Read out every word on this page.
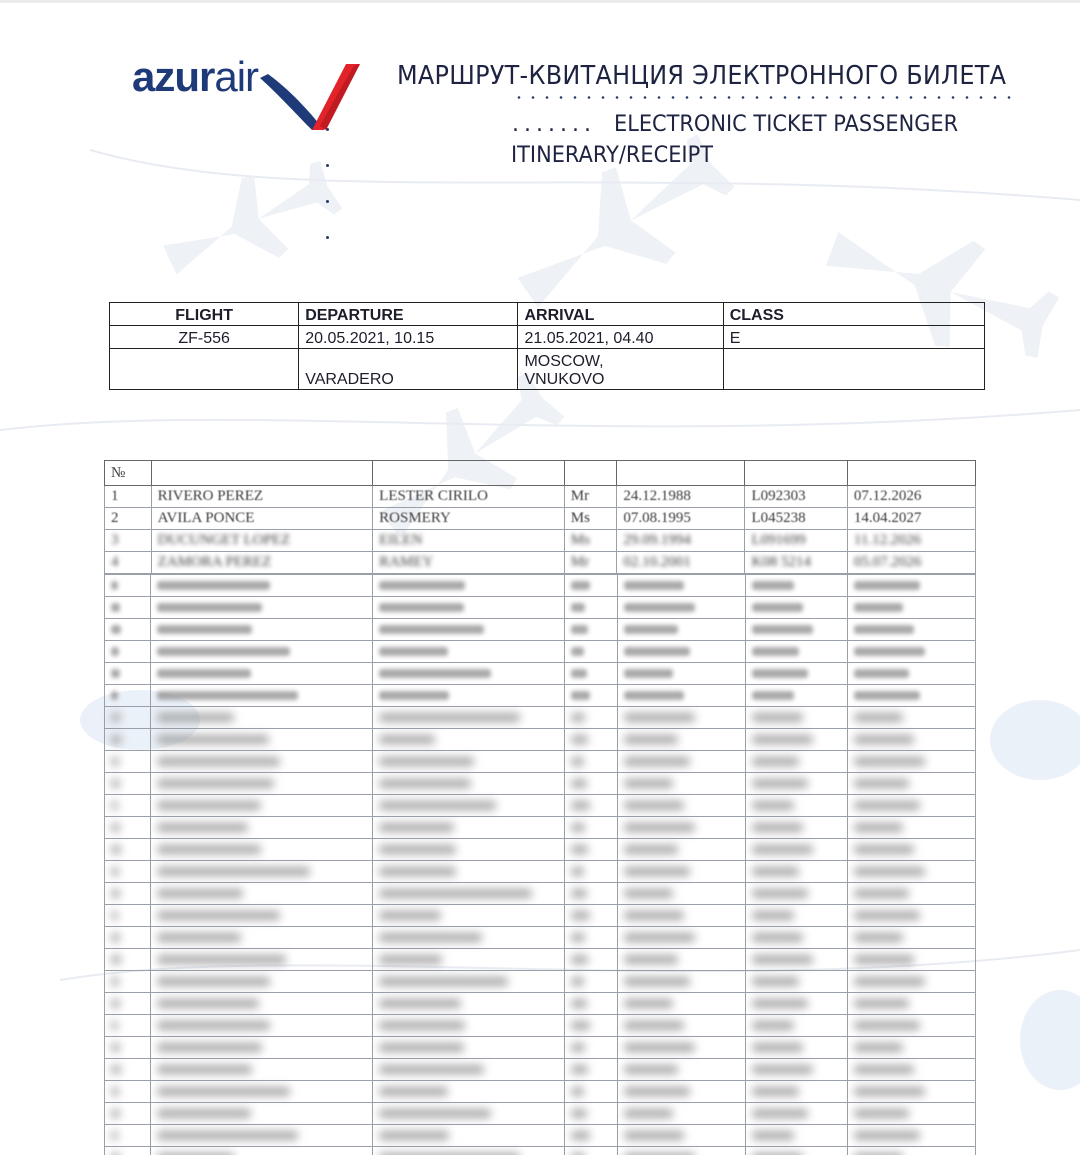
azurair	МАРШРУТ-КВИТАНЦИЯ ЭЛЕКТРОННОГО БИЛЕТА
....... ELECTRONIC TICKET PASSENGER
ITINERARY/RECEIPT
FLIGHT	DEPARTURE	ARRIVAL	CLASS
ZF-556	20.05.2021, 10.15	21.05.2021, 04.40	E
	VARADERO	MOSCOW,
VNUKOVO	
№						
1	RIVERO PEREZ	LESTER CIRILO	Mr	24.12.1988	L092303	07.12.2026
2	AVILA PONCE	ROSMERY	Ms	07.08.1995	L045238	14.04.2027
3	DUCUNGET LOPEZ	EILEN	Ms	29.09.1994	L091699	11.12.2026
4	ZAMORA PEREZ	RAMEY	Mr	02.10.2001	K08 5214	05.07.2026
